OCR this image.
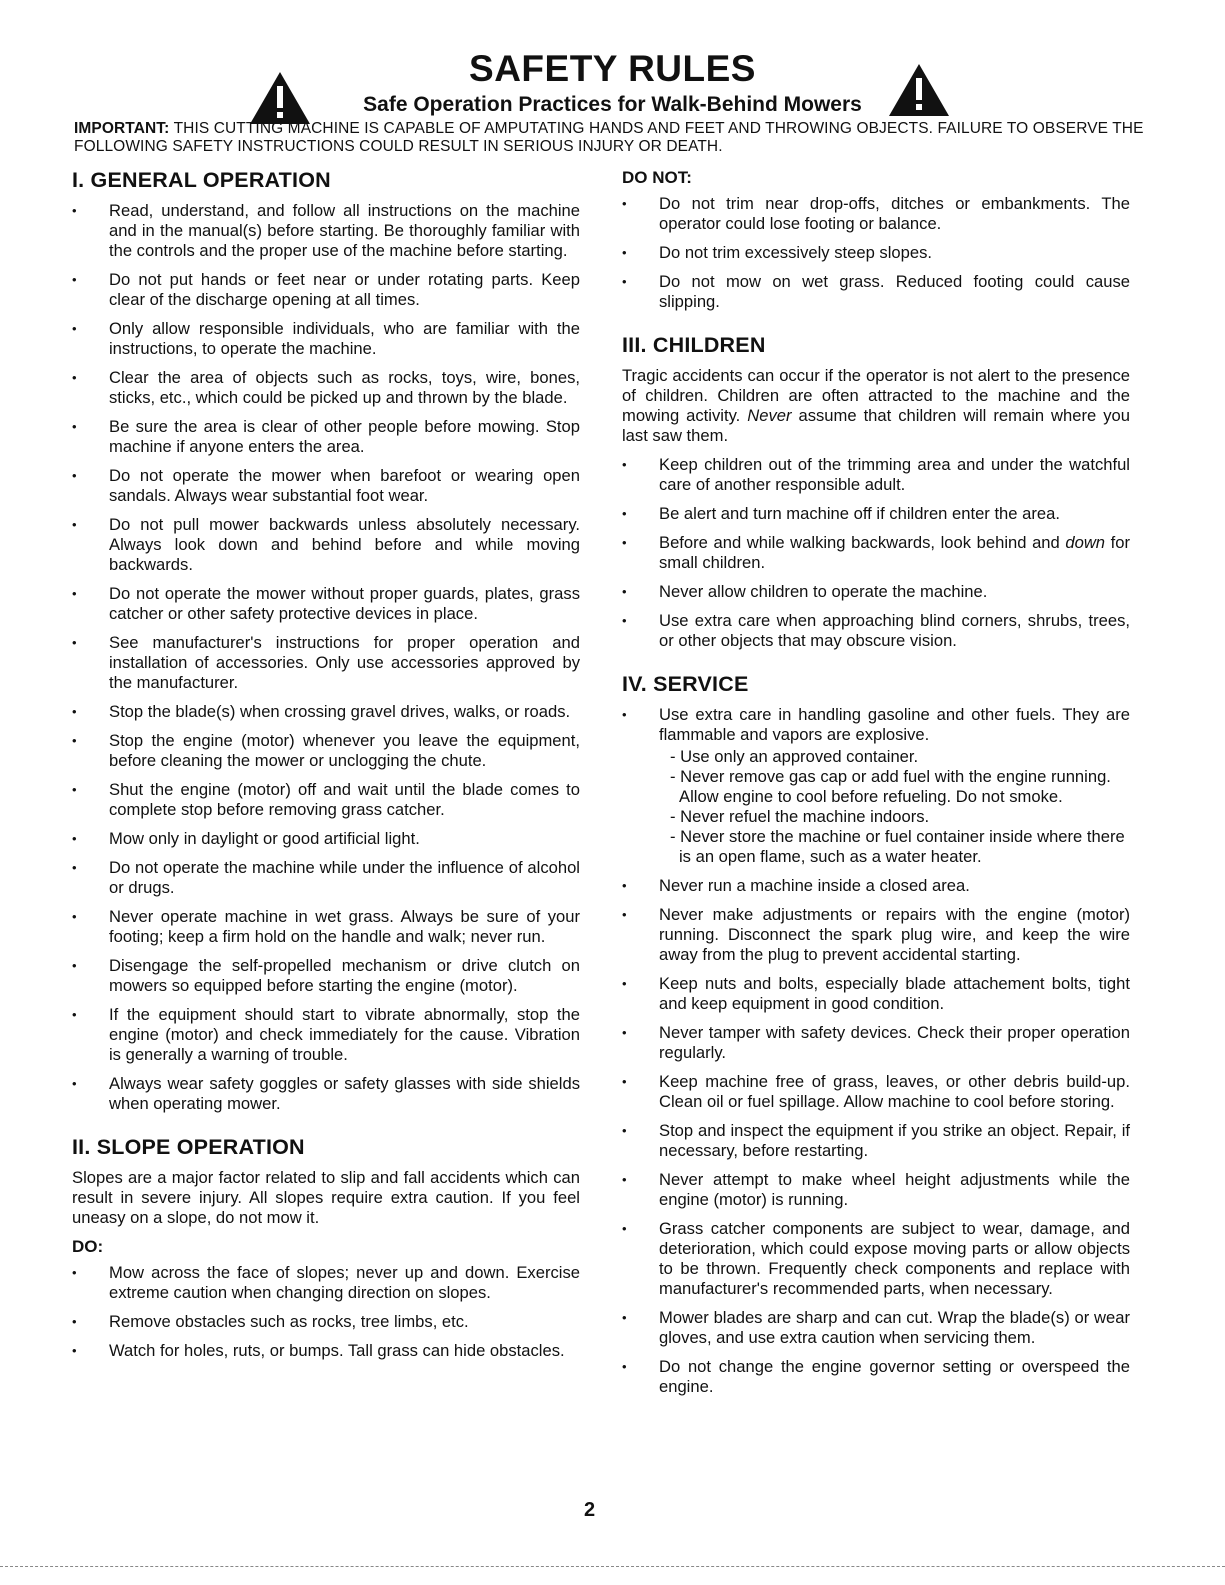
SAFETY RULES
Safe Operation Practices for Walk-Behind Mowers
IMPORTANT: THIS CUTTING MACHINE IS CAPABLE OF AMPUTATING HANDS AND FEET AND THROWING OBJECTS. FAILURE TO OBSERVE THE FOLLOWING SAFETY INSTRUCTIONS COULD RESULT IN SERIOUS INJURY OR DEATH.
I. GENERAL OPERATION
• Read, understand, and follow all instructions on the machine and in the manual(s) before starting. Be thoroughly familiar with the controls and the proper use of the machine before starting.
• Do not put hands or feet near or under rotating parts. Keep clear of the discharge opening at all times.
• Only allow responsible individuals, who are familiar with the instructions, to operate the machine.
• Clear the area of objects such as rocks, toys, wire, bones, sticks, etc., which could be picked up and thrown by the blade.
• Be sure the area is clear of other people before mowing. Stop machine if anyone enters the area.
• Do not operate the mower when barefoot or wearing open sandals. Always wear substantial foot wear.
• Do not pull mower backwards unless absolutely necessary. Always look down and behind before and while moving backwards.
• Do not operate the mower without proper guards, plates, grass catcher or other safety protective devices in place.
• See manufacturer's instructions for proper operation and installation of accessories. Only use accessories approved by the manufacturer.
• Stop the blade(s) when crossing gravel drives, walks, or roads.
• Stop the engine (motor) whenever you leave the equipment, before cleaning the mower or unclogging the chute.
• Shut the engine (motor) off and wait until the blade comes to complete stop before removing grass catcher.
• Mow only in daylight or good artificial light.
• Do not operate the machine while under the influence of alcohol or drugs.
• Never operate machine in wet grass. Always be sure of your footing; keep a firm hold on the handle and walk; never run.
• Disengage the self-propelled mechanism or drive clutch on mowers so equipped before starting the engine (motor).
• If the equipment should start to vibrate abnormally, stop the engine (motor) and check immediately for the cause. Vibration is generally a warning of trouble.
• Always wear safety goggles or safety glasses with side shields when operating mower.
II. SLOPE OPERATION

Slopes are a major factor related to slip and fall accidents which can result in severe injury. All slopes require extra caution. If you feel uneasy on a slope, do not mow it.

DO:
• Mow across the face of slopes; never up and down. Exercise extreme caution when changing direction on slopes.
• Remove obstacles such as rocks, tree limbs, etc.
• Watch for holes, ruts, or bumps. Tall grass can hide obstacles.
DO NOT:
• Do not trim near drop-offs, ditches or embankments. The operator could lose footing or balance.
• Do not trim excessively steep slopes.
• Do not mow on wet grass. Reduced footing could cause slipping.
III. CHILDREN

Tragic accidents can occur if the operator is not alert to the presence of children. Children are often attracted to the machine and the mowing activity. Never assume that children will remain where you last saw them.

• Keep children out of the trimming area and under the watchful care of another responsible adult.
• Be alert and turn machine off if children enter the area.
• Before and while walking backwards, look behind and down for small children.
• Never allow children to operate the machine.
• Use extra care when approaching blind corners, shrubs, trees, or other objects that may obscure vision.
IV. SERVICE
• Use extra care in handling gasoline and other fuels. They are flammable and vapors are explosive.
- Use only an approved container.
- Never remove gas cap or add fuel with the engine running. Allow engine to cool before refueling. Do not smoke.
- Never refuel the machine indoors.
- Never store the machine or fuel container inside where there is an open flame, such as a water heater.
• Never run a machine inside a closed area.
• Never make adjustments or repairs with the engine (motor) running. Disconnect the spark plug wire, and keep the wire away from the plug to prevent accidental starting.
• Keep nuts and bolts, especially blade attachement bolts, tight and keep equipment in good condition.
• Never tamper with safety devices. Check their proper operation regularly.
• Keep machine free of grass, leaves, or other debris build-up. Clean oil or fuel spillage. Allow machine to cool before storing.
• Stop and inspect the equipment if you strike an object. Repair, if necessary, before restarting.
• Never attempt to make wheel height adjustments while the engine (motor) is running.
• Grass catcher components are subject to wear, damage, and deterioration, which could expose moving parts or allow objects to be thrown. Frequently check components and replace with manufacturer's recommended parts, when necessary.
• Mower blades are sharp and can cut. Wrap the blade(s) or wear gloves, and use extra caution when servicing them.
• Do not change the engine governor setting or overspeed the engine.
2
